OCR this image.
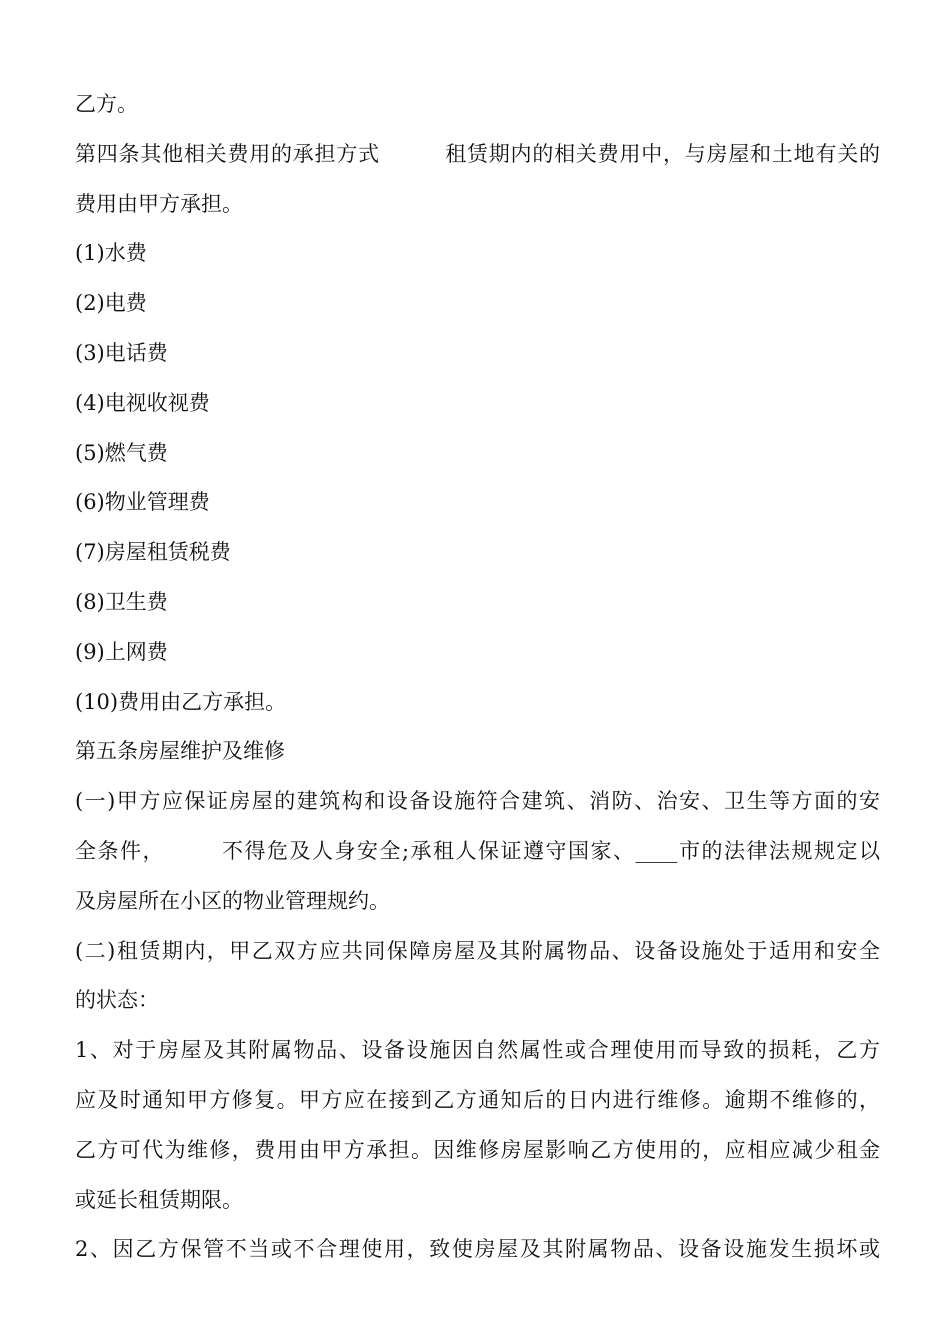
乙方。
第四条其他相关费用的承担方式　　　租赁期内的相关费用中，与房屋和土地有关的
费用由甲方承担。
(1)水费
(2)电费
(3)电话费
(4)电视收视费
(5)燃气费
(6)物业管理费
(7)房屋租赁税费
(8)卫生费
(9)上网费
(10)费用由乙方承担。
第五条房屋维护及维修
(一)甲方应保证房屋的建筑构和设备设施符合建筑、消防、治安、卫生等方面的安
全条件，　　　不得危及人身安全;承租人保证遵守国家、____市的法律法规规定以
及房屋所在小区的物业管理规约。
(二)租赁期内，甲乙双方应共同保障房屋及其附属物品、设备设施处于适用和安全
的状态：
1、对于房屋及其附属物品、设备设施因自然属性或合理使用而导致的损耗，乙方
应及时通知甲方修复。甲方应在接到乙方通知后的日内进行维修。逾期不维修的，
乙方可代为维修，费用由甲方承担。因维修房屋影响乙方使用的，应相应减少租金
或延长租赁期限。
2、因乙方保管不当或不合理使用，致使房屋及其附属物品、设备设施发生损坏或
